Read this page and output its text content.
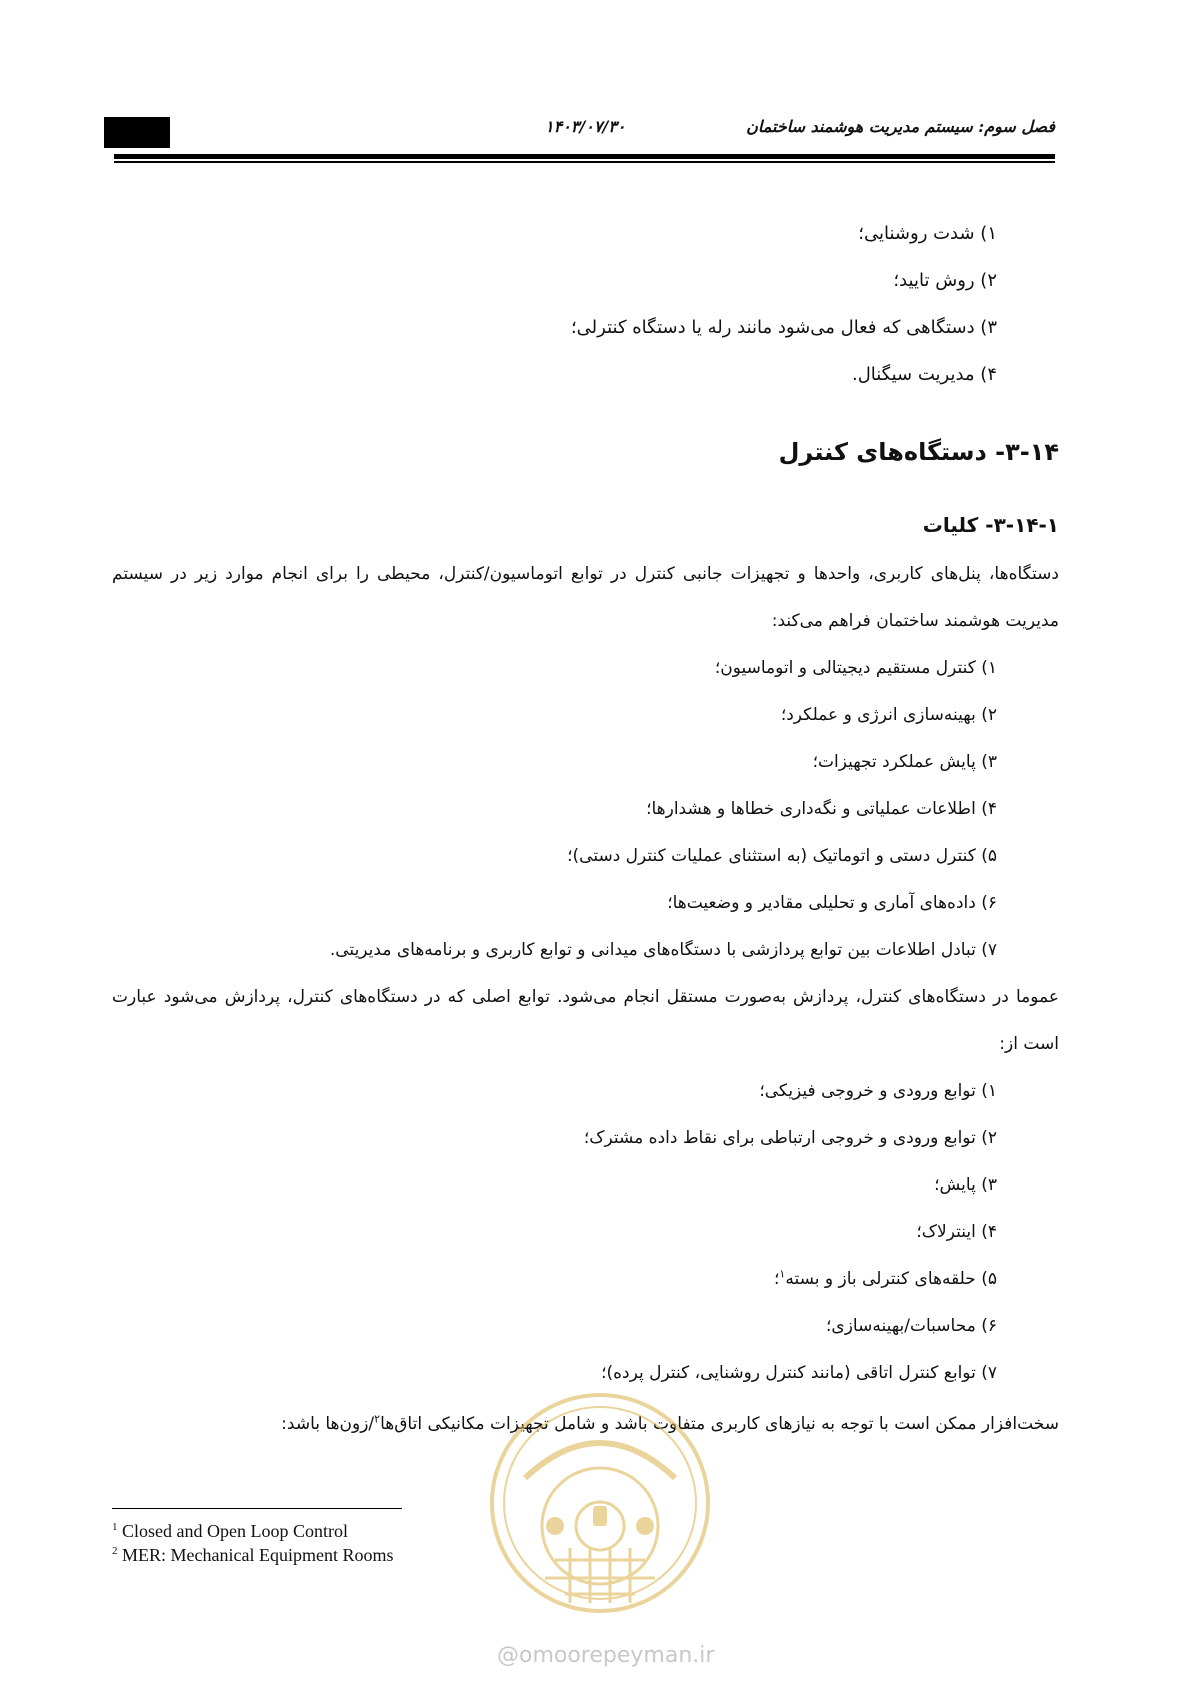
۱۴۰۳/۰۷/۳۰	فصل سوم: سیستم مدیریت هوشمند ساختمان
۱) شدت روشنایی؛
۲) روش تایید؛
۳) دستگاهی که فعال می‌شود مانند رله یا دستگاه کنترلی؛
۴) مدیریت سیگنال.
۳-۱۴- دستگاه‌های کنترل
۳-۱۴-۱- کلیات

دستگاه‌ها، پنل‌های کاربری، واحدها و تجهیزات جانبی کنترل در توابع اتوماسیون/کنترل، محیطی را برای انجام موارد زیر در سیستم مدیریت هوشمند ساختمان فراهم می‌کند:

۱) کنترل مستقیم دیجیتالی و اتوماسیون؛
۲) بهینه‌سازی انرژی و عملکرد؛
۳) پایش عملکرد تجهیزات؛
۴) اطلاعات عملیاتی و نگه‌داری خطاها و هشدارها؛
۵) کنترل دستی و اتوماتیک (به استثنای عملیات کنترل دستی)؛
۶) داده‌های آماری و تحلیلی مقادیر و وضعیت‌ها؛
۷) تبادل اطلاعات بین توابع پردازشی با دستگاه‌های میدانی و توابع کاربری و برنامه‌های مدیریتی.

عموما در دستگاه‌های کنترل، پردازش به‌صورت مستقل انجام می‌شود. توابع اصلی که در دستگاه‌های کنترل، پردازش می‌شود عبارت است از:

۱) توابع ورودی و خروجی فیزیکی؛
۲) توابع ورودی و خروجی ارتباطی برای نقاط داده مشترک؛
۳) پایش؛
۴) اینترلاک؛
۵) حلقه‌های کنترلی باز و بسته$^۱$؛
۶) محاسبات/بهینه‌سازی؛
۷) توابع کنترل اتاقی (مانند کنترل روشنایی، کنترل پرده)؛

سخت‌افزار ممکن است با توجه به نیازهای کاربری متفاوت باشد و شامل تجهیزات مکانیکی اتاق‌ها$^۲$/زون‌ها باشد:

@omoorepeyman.ir
$^1$ Closed and Open Loop Control
$^2$ MER: Mechanical Equipment Rooms
